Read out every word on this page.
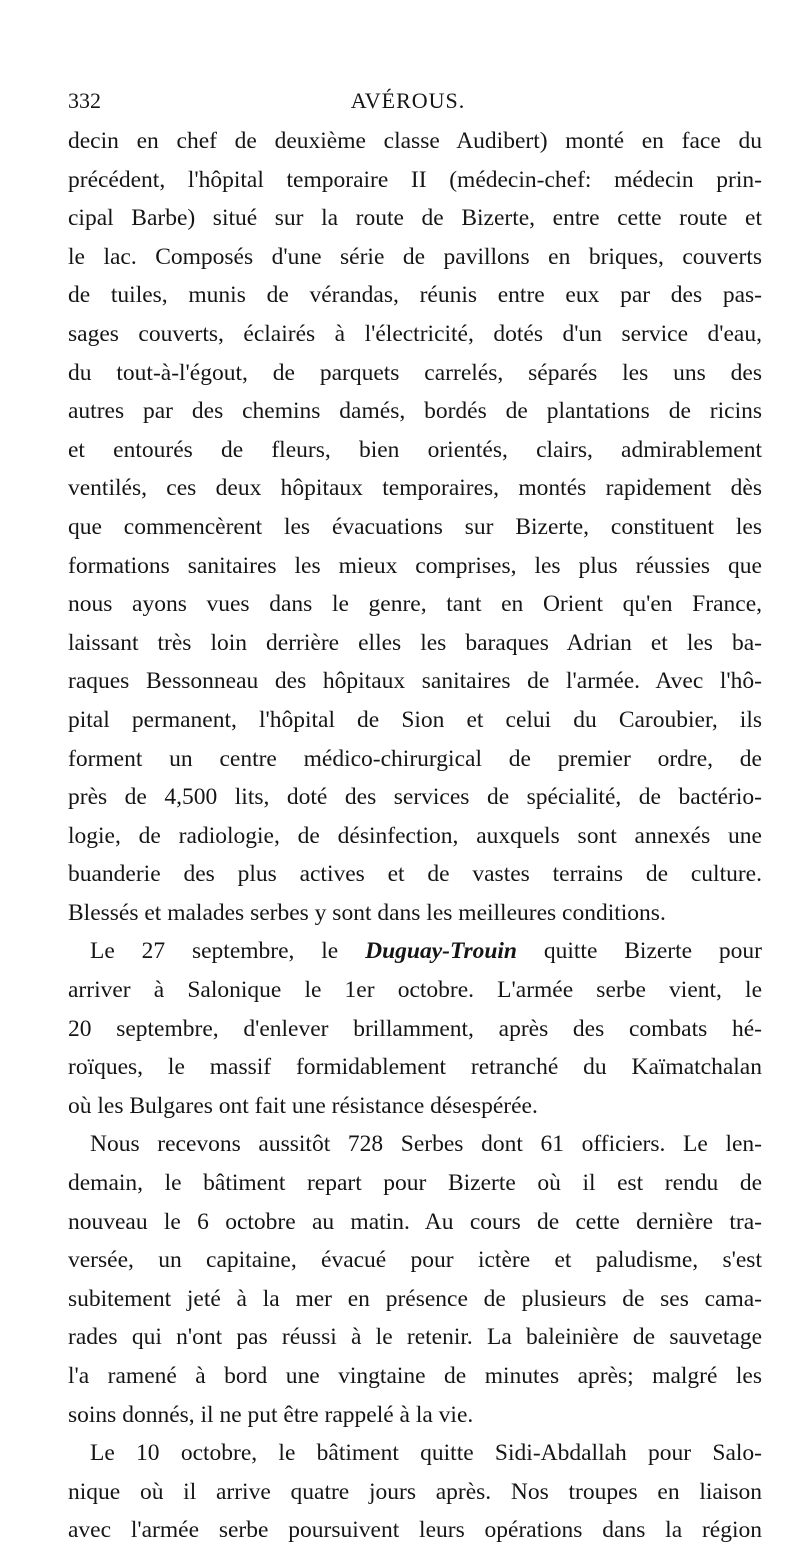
332	AVÉROUS.
decin en chef de deuxième classe Audibert) monté en face du
précédent, l'hôpital temporaire II (médecin-chef: médecin prin-
cipal Barbe) situé sur la route de Bizerte, entre cette route et
le lac. Composés d'une série de pavillons en briques, couverts
de tuiles, munis de vérandas, réunis entre eux par des pas-
sages couverts, éclairés à l'électricité, dotés d'un service d'eau,
du tout-à-l'égout, de parquets carrelés, séparés les uns des
autres par des chemins damés, bordés de plantations de ricins
et entourés de fleurs, bien orientés, clairs, admirablement
ventilés, ces deux hôpitaux temporaires, montés rapidement dès
que commencèrent les évacuations sur Bizerte, constituent les
formations sanitaires les mieux comprises, les plus réussies que
nous ayons vues dans le genre, tant en Orient qu'en France,
laissant très loin derrière elles les baraques Adrian et les ba-
raques Bessonneau des hôpitaux sanitaires de l'armée. Avec l'hô-
pital permanent, l'hôpital de Sion et celui du Caroubier, ils
forment un centre médico-chirurgical de premier ordre, de
près de 4,500 lits, doté des services de spécialité, de bactério-
logie, de radiologie, de désinfection, auxquels sont annexés une
buanderie des plus actives et de vastes terrains de culture.
Blessés et malades serbes y sont dans les meilleures conditions.
Le 27 septembre, le Duguay-Trouin quitte Bizerte pour
arriver à Salonique le 1er octobre. L'armée serbe vient, le
20 septembre, d'enlever brillamment, après des combats hé-
roïques, le massif formidablement retranché du Kaïmatchalan
où les Bulgares ont fait une résistance désespérée.
Nous recevons aussitôt 728 Serbes dont 61 officiers. Le len-
demain, le bâtiment repart pour Bizerte où il est rendu de
nouveau le 6 octobre au matin. Au cours de cette dernière tra-
versée, un capitaine, évacué pour ictère et paludisme, s'est
subitement jeté à la mer en présence de plusieurs de ses cama-
rades qui n'ont pas réussi à le retenir. La baleinière de sauvetage
l'a ramené à bord une vingtaine de minutes après; malgré les
soins donnés, il ne put être rappelé à la vie.
Le 10 octobre, le bâtiment quitte Sidi-Abdallah pour Salo-
nique où il arrive quatre jours après. Nos troupes en liaison
avec l'armée serbe poursuivent leurs opérations dans la région
